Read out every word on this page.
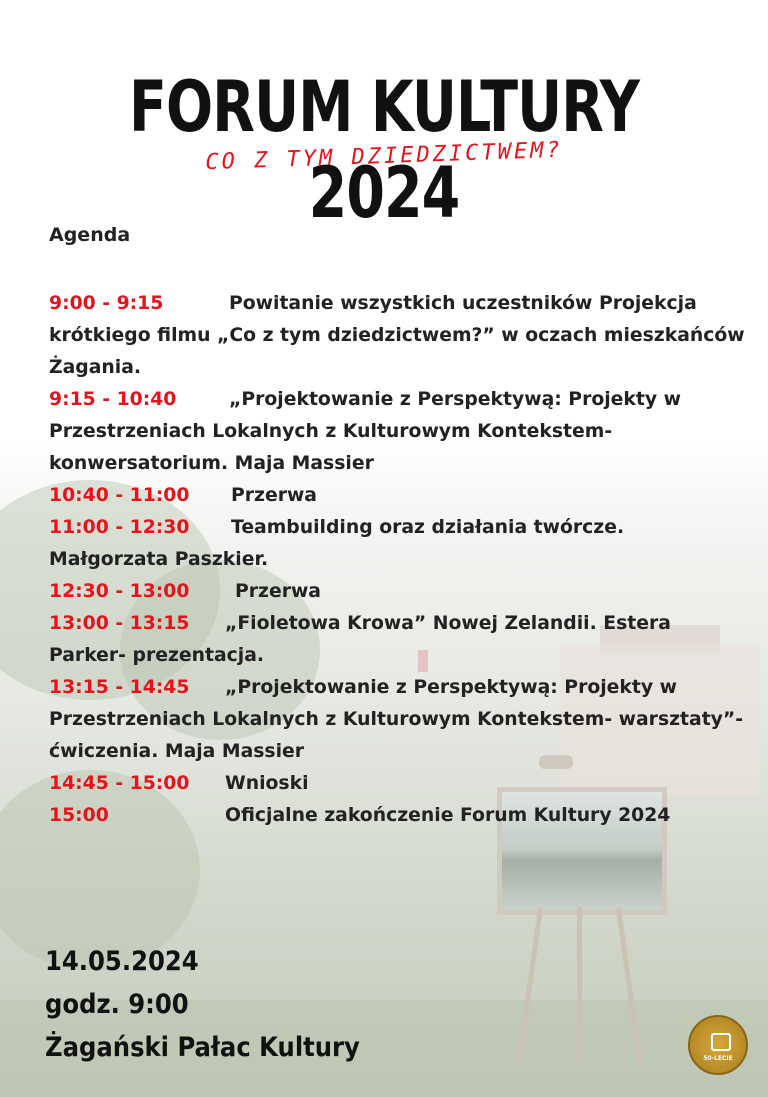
FORUM KULTURY 2024
CO Z TYM DZIEDZICTWEM?
Agenda
9:00 - 9:15	Powitanie wszystkich uczestników Projekcja krótkiego filmu „Co z tym dziedzictwem?” w oczach mieszkańców Żagania.
9:15 - 10:40	„Projektowanie z Perspektywą: Projekty w Przestrzeniach Lokalnych z Kulturowym Kontekstem- konwersatorium. Maja Massier
10:40 - 11:00 Przerwa
11:00 - 12:30 Teambuilding oraz działania twórcze. Małgorzata Paszkier.
12:30 - 13:00 Przerwa
13:00 - 13:15 „Fioletowa Krowa” Nowej Zelandii. Estera Parker- prezentacja.
13:15 - 14:45 „Projektowanie z Perspektywą: Projekty w Przestrzeniach Lokalnych z Kulturowym Kontekstem- warsztaty”- ćwiczenia. Maja Massier
14:45 - 15:00 Wnioski
15:00	Oficjalne zakończenie Forum Kultury 2024
14.05.2024
godz. 9:00
Żagański Pałac Kultury	50-LECIE
